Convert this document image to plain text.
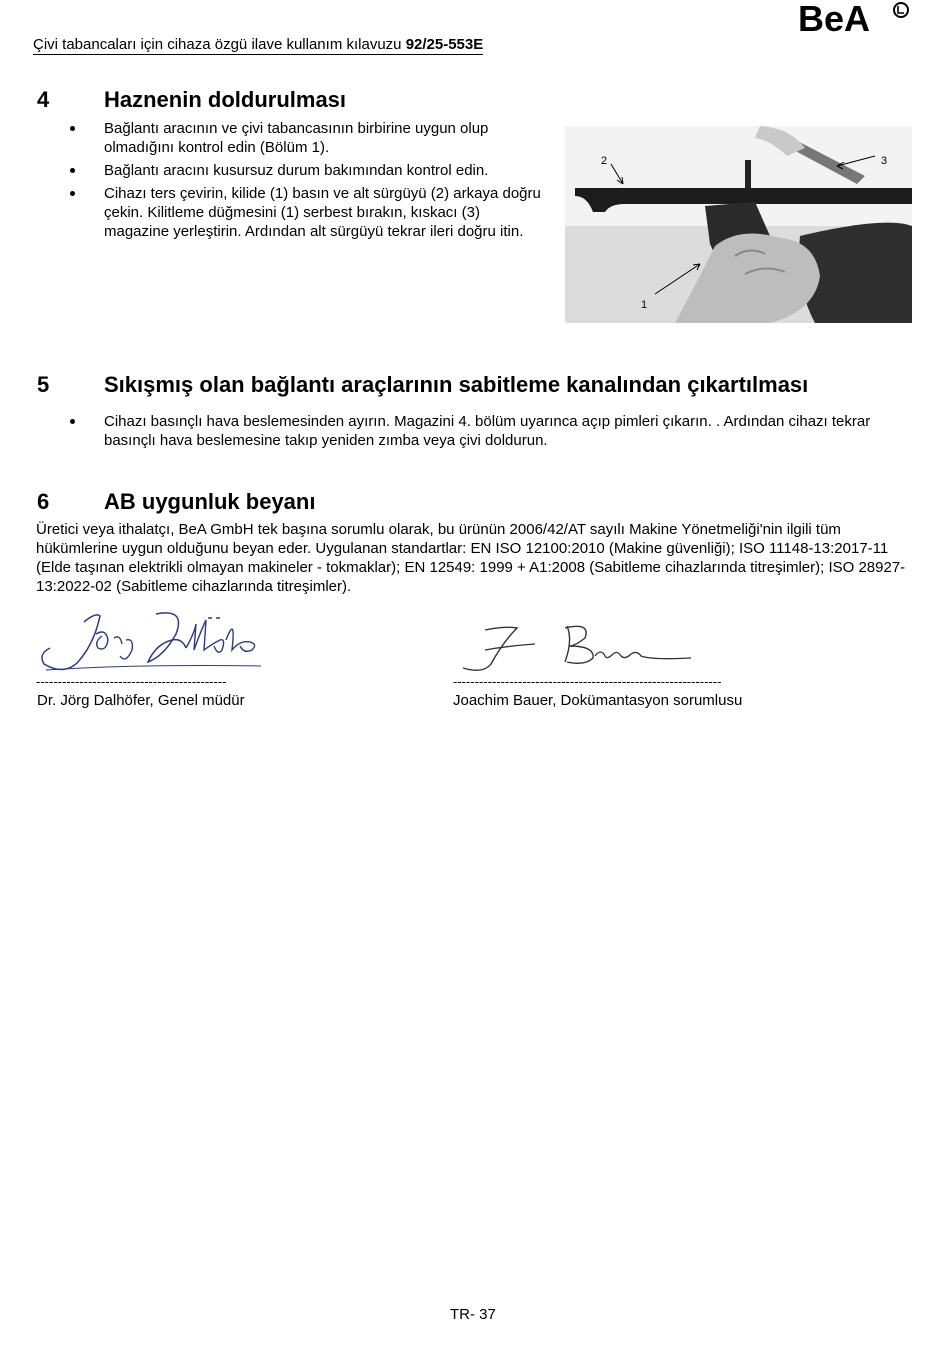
Çivi tabancaları için cihaza özgü ilave kullanım kılavuzu 92/25-553E
BeA
4 Haznenin doldurulması
Bağlantı aracının ve çivi tabancasının birbirine uygun olup olmadığını kontrol edin (Bölüm 1).
Bağlantı aracını kusursuz durum bakımından kontrol edin.
Cihazı ters çevirin, kilide (1) basın ve alt sürgüyü (2) arkaya doğru çekin. Kilitleme düğmesini (1) serbest bırakın, kıskacı (3) magazine yerleştirin. Ardından alt sürgüyü tekrar ileri doğru itin.
2	3
1
5 Sıkışmış olan bağlantı araçlarının sabitleme kanalından çıkartılması
Cihazı basınçlı hava beslemesinden ayırın. Magazini 4. bölüm uyarınca açıp pimleri çıkarın. . Ardından cihazı tekrar basınçlı hava beslemesine takıp yeniden zımba veya çivi doldurun.
6 AB uygunluk beyanı

Üretici veya ithalatçı, BeA GmbH tek başına sorumlu olarak, bu ürünün 2006/42/AT sayılı Makine Yönetmeliği'nin ilgili tüm hükümlerine uygun olduğunu beyan eder. Uygulanan standartlar: EN ISO 12100:2010 (Makine güvenliği); ISO 11148-13:2017-11 (Elde taşınan elektrikli olmayan makineler - tokmaklar); EN 12549: 1999 + A1:2008 (Sabitleme cihazlarında titreşimler); ISO 28927-13:2022-02 (Sabitleme cihazlarında titreşimler).

--------------------------------------------
Dr. Jörg Dalhöfer, Genel müdür
--------------------------------------------------------------
Joachim Bauer, Dokümantasyon sorumlusu
TR- 37
